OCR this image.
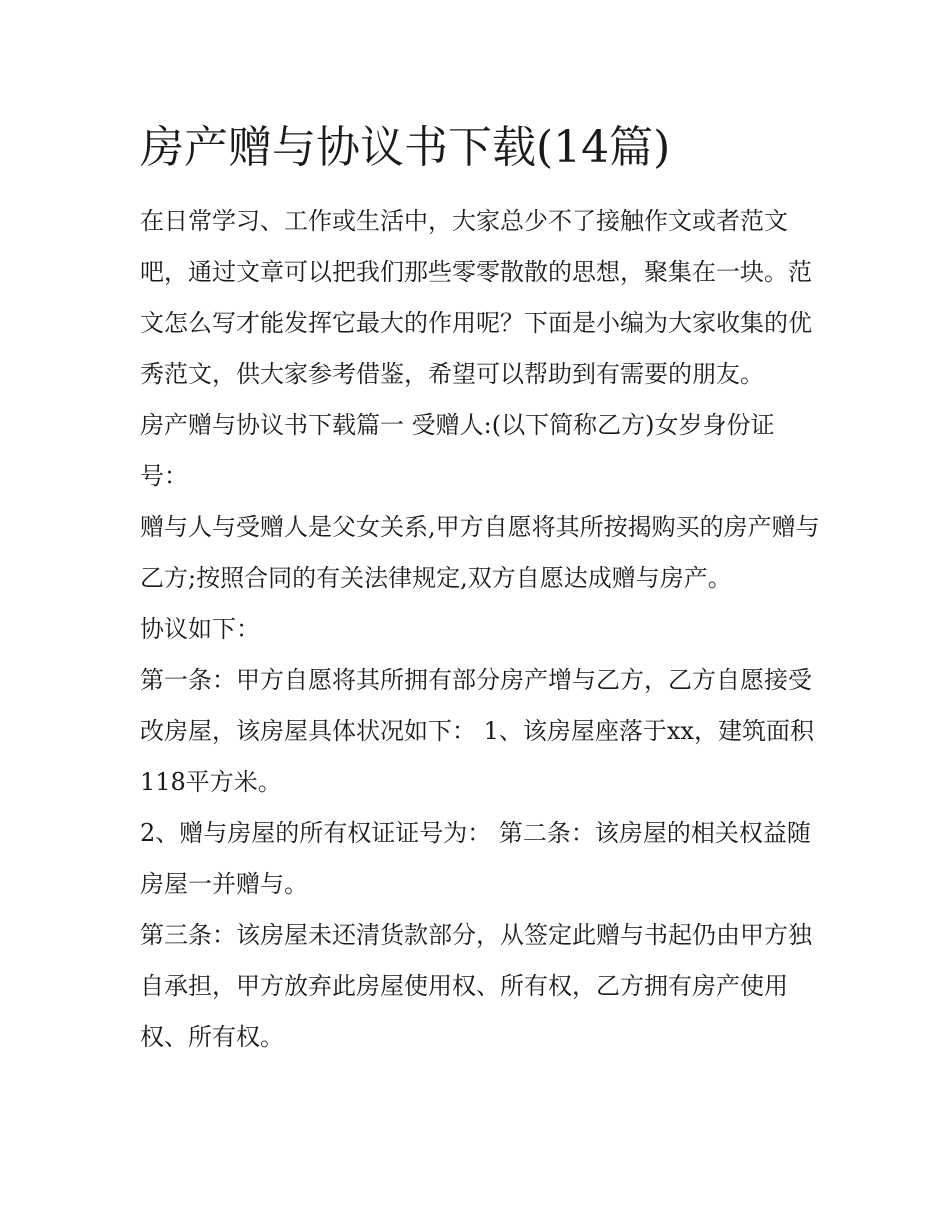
房产赠与协议书下载(14篇)

在日常学习、工作或生活中，大家总少不了接触作文或者范文吧，通过文章可以把我们那些零零散散的思想，聚集在一块。范文怎么写才能发挥它最大的作用呢？下面是小编为大家收集的优秀范文，供大家参考借鉴，希望可以帮助到有需要的朋友。

房产赠与协议书下载篇一 受赠人:(以下简称乙方)女岁身份证号：

赠与人与受赠人是父女关系,甲方自愿将其所按揭购买的房产赠与乙方;按照合同的有关法律规定,双方自愿达成赠与房产。

协议如下：

第一条：甲方自愿将其所拥有部分房产增与乙方，乙方自愿接受改房屋，该房屋具体状况如下： 1、该房屋座落于xx，建筑面积118平方米。

2、赠与房屋的所有权证证号为： 第二条：该房屋的相关权益随房屋一并赠与。

第三条：该房屋未还清货款部分，从签定此赠与书起仍由甲方独自承担，甲方放弃此房屋使用权、所有权，乙方拥有房产使用权、所有权。
